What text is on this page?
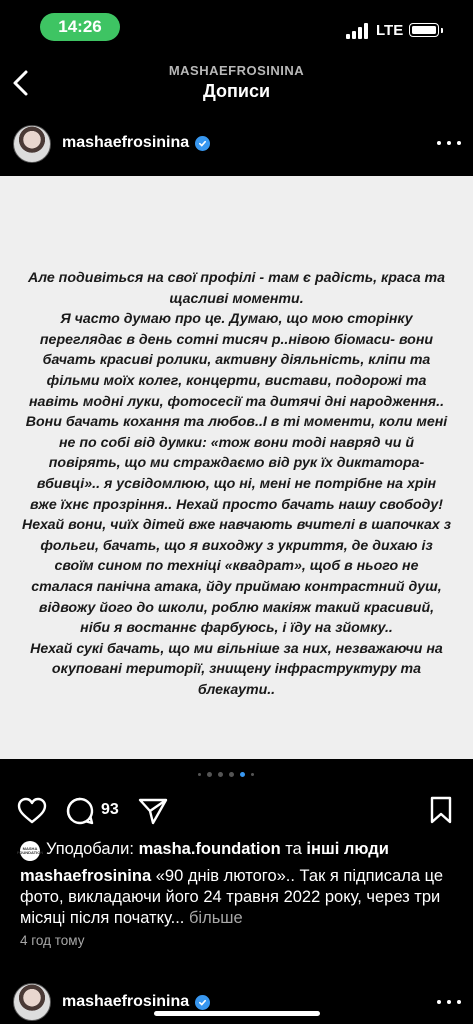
14:26	LTE
MASHAEFROSININA
Дописи
mashaefrosinina

Але подивіться на свої профілі - там є радість, краса та щасливі моменти.

Я часто думаю про це. Думаю, що мою сторінку переглядає в день сотні тисяч р..нівою біомаси- вони бачать красиві ролики, активну діяльність, кліпи та фільми моїх колег, концерти, вистави, подорожі та навіть модні луки, фотосесії та дитячі дні народження..

Вони бачать кохання та любов..І в ті моменти, коли мені не по собі від думки: «тож вони тоді навряд чи й повірять, що ми страждаємо від рук їх диктатора-вбивці».. я усвідомлюю, що ні, мені не потрібне на хрін вже їхнє прозріння.. Нехай просто бачать нашу свободу!

Нехай вони, чиїх дітей вже навчають вчителі в шапочках з фольги, бачать, що я виходжу з укриття, де дихаю із своїм сином по техніці «квадрат», щоб в нього не сталася панічна атака, йду приймаю контрастний душ, відвожу його до школи, роблю макіяж такий красивий, ніби я востаннє фарбуюсь, і їду на зйомку..

Нехай сукі бачать, що ми вільніше за них, незважаючи на окуповані території, знищену інфраструктуру та блекаути..

93
MASHA FOUNDATION Уподобали: masha.foundation та інші люди
mashaefrosinina «90 днів лютого».. Так я підписала це фото, викладаючи його 24 травня 2022 року, через три місяці після початку... більше
4 год тому
mashaefrosinina
